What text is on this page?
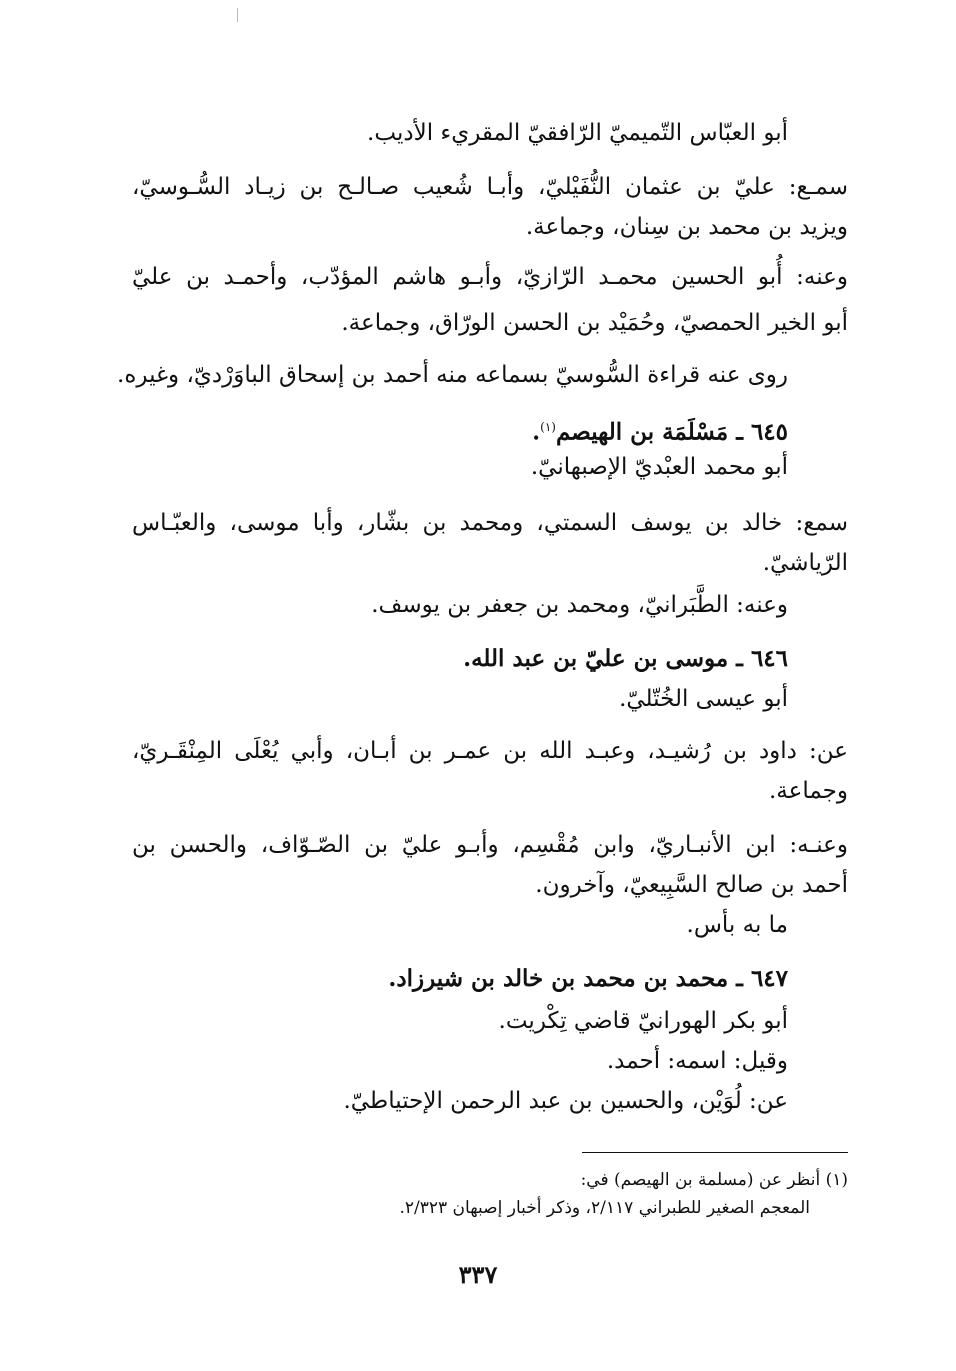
أبو العبّاس التّميميّ الرّافقيّ المقريء الأديب.

سمـع: عليّ بن عثمان النُّفَيْليّ، وأبـا شُعيب صـالـح بن زيـاد السُّـوسيّ،

ويزيد بن محمد بن سِنان، وجماعة.

وعنه: أُبو الحسين محمـد الرّازيّ، وأبـو هاشم المؤدّب، وأحمـد بن عليّ

أبو الخير الحمصيّ، وحُمَيْد بن الحسن الورّاق، وجماعة.

روى عنه قراءة السُّوسيّ بسماعه منه أحمد بن إسحاق الباوَرْديّ، وغيره.

٦٤٥ ـ مَسْلَمَة بن الهيصم$^{(١)}$.

أبو محمد العبْديّ الإصبهانيّ.

سمع: خالد بن يوسف السمتي، ومحمد بن بشّار، وأبا موسى، والعبّـاس

الرّياشيّ.

وعنه: الطَّبَرانيّ، ومحمد بن جعفر بن يوسف.

٦٤٦ ـ موسى بن عليّ بن عبد الله.

أبو عيسى الخُتّليّ.

عن: داود بن رُشيـد، وعبـد الله بن عمـر بن أبـان، وأبي يُعْلَى المِنْقَـريّ،

وجماعة.

وعنـه: ابن الأنبـاريّ، وابن مُقْسِم، وأبـو عليّ بن الصّـوّاف، والحسن بن

أحمد بن صالح السَّبِيعيّ، وآخرون.

ما به بأس.

٦٤٧ ـ محمد بن محمد بن خالد بن شيرزاد.

أبو بكر الهورانيّ قاضي تِكْريت.

وقيل: اسمه: أحمد.

عن: لُوَيْن، والحسين بن عبد الرحمن الإحتياطيّ.

(١) أنظر عن (مسلمة بن الهيصم) في:
المعجم الصغير للطبراني ٢/١١٧، وذكر أخبار إصبهان ٢/٣٢٣.
٣٣٧
